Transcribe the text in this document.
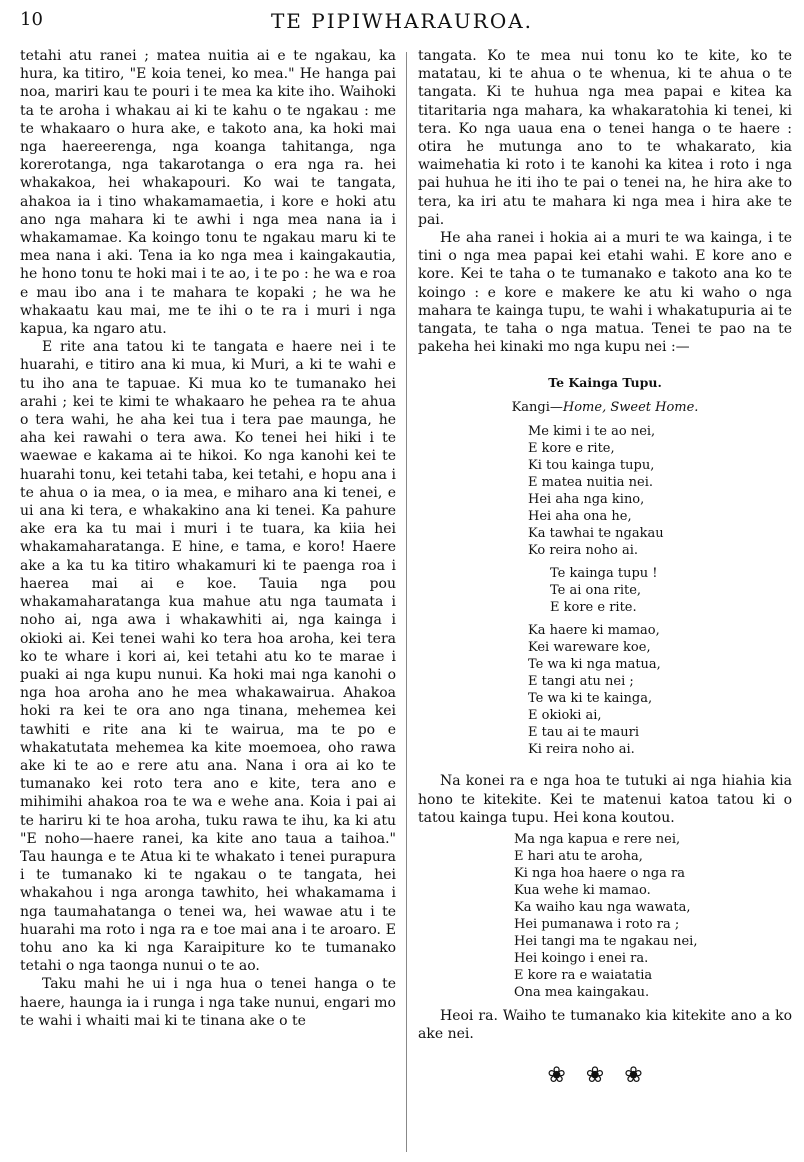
10	TE PIPIWHARAUROA.

tetahi atu ranei ; matea nuitia ai e te ngakau, ka hura, ka titiro, "E koia tenei, ko mea." He hanga pai noa, mariri kau te pouri i te mea ka kite iho. Waihoki ta te aroha i whakau ai ki te kahu o te ngakau : me te whakaaro o hura ake, e takoto ana, ka hoki mai nga haereerenga, nga koanga tahitanga, nga korerotanga, nga takarotanga o era nga ra. hei whakakoa, hei whakapouri. Ko wai te tangata, ahakoa ia i tino whakamamaetia, i kore e hoki atu ano nga mahara ki te awhi i nga mea nana ia i whakamamae. Ka koingo tonu te ngakau maru ki te mea nana i aki. Tena ia ko nga mea i kaingakautia, he hono tonu te hoki mai i te ao, i te po : he wa e roa e mau ibo ana i te mahara te kopaki ; he wa he whakaatu kau mai, me te ihi o te ra i muri i nga kapua, ka ngaro atu.

E rite ana tatou ki te tangata e haere nei i te huarahi, e titiro ana ki mua, ki Muri, a ki te wahi e tu iho ana te tapuae. Ki mua ko te tumanako hei arahi ; kei te kimi te whakaaro he pehea ra te ahua o tera wahi, he aha kei tua i tera pae maunga, he aha kei rawahi o tera awa. Ko tenei hei hiki i te waewae e kakama ai te hikoi. Ko nga kanohi kei te huarahi tonu, kei tetahi taba, kei tetahi, e hopu ana i te ahua o ia mea, o ia mea, e miharo ana ki tenei, e ui ana ki tera, e whakakino ana ki tenei. Ka pahure ake era ka tu mai i muri i te tuara, ka kiia hei whakamaharatanga. E hine, e tama, e koro! Haere ake a ka tu ka titiro whakamuri ki te paenga roa i haerea mai ai e koe. Tauia nga pou whakamaharatanga kua mahue atu nga taumata i noho ai, nga awa i whakawhiti ai, nga kainga i okioki ai. Kei tenei wahi ko tera hoa aroha, kei tera ko te whare i kori ai, kei tetahi atu ko te marae i puaki ai nga kupu nunui. Ka hoki mai nga kanohi o nga hoa aroha ano he mea whakawairua. Ahakoa hoki ra kei te ora ano nga tinana, mehemea kei tawhiti e rite ana ki te wairua, ma te po e whakatutata mehemea ka kite moemoea, oho rawa ake ki te ao e rere atu ana. Nana i ora ai ko te tumanako kei roto tera ano e kite, tera ano e mihimihi ahakoa roa te wa e wehe ana. Koia i pai ai te hariru ki te hoa aroha, tuku rawa te ihu, ka ki atu "E noho—haere ranei, ka kite ano taua a taihoa." Tau haunga e te Atua ki te whakato i tenei purapura i te tumanako ki te ngakau o te tangata, hei whakahou i nga aronga tawhito, hei whakamama i nga taumahatanga o tenei wa, hei wawae atu i te huarahi ma roto i nga ra e toe mai ana i te aroaro. E tohu ano ka ki nga Karaipiture ko te tumanako tetahi o nga taonga nunui o te ao.

Taku mahi he ui i nga hua o tenei hanga o te haere, haunga ia i runga i nga take nunui, engari mo te wahi i whaiti mai ki te tinana ake o te

tangata. Ko te mea nui tonu ko te kite, ko te matatau, ki te ahua o te whenua, ki te ahua o te tangata. Ki te huhua nga mea papai e kitea ka titaritaria nga mahara, ka whakaratohia ki tenei, ki tera. Ko nga uaua ena o tenei hanga o te haere : otira he mutunga ano to te whakarato, kia waimehatia ki roto i te kanohi ka kitea i roto i nga pai huhua he iti iho te pai o tenei na, he hira ake to tera, ka iri atu te mahara ki nga mea i hira ake te pai.

He aha ranei i hokia ai a muri te wa kainga, i te tini o nga mea papai kei etahi wahi. E kore ano e kore. Kei te taha o te tumanako e takoto ana ko te koingo : e kore e makere ke atu ki waho o nga mahara te kainga tupu, te wahi i whakatupuria ai te tangata, te taha o nga matua. Tenei te pao na te pakeha hei kinaki mo nga kupu nei :—

Te Kainga Tupu.
Kangi—Home, Sweet Home.
Me kimi i te ao nei,
E kore e rite,
Ki tou kainga tupu,
E matea nuitia nei.
Hei aha nga kino,
Hei aha ona he,
Ka tawhai te ngakau
Ko reira noho ai.
Te kainga tupu !
Te ai ona rite,
E kore e rite.
Ka haere ki mamao,
Kei wareware koe,
Te wa ki nga matua,
E tangi atu nei ;
Te wa ki te kainga,
E okioki ai,
E tau ai te mauri
Ki reira noho ai.

Na konei ra e nga hoa te tutuki ai nga hiahia kia hono te kitekite. Kei te matenui katoa tatou ki o tatou kainga tupu. Hei kona koutou.

Ma nga kapua e rere nei,
E hari atu te aroha,
Ki nga hoa haere o nga ra
Kua wehe ki mamao.
Ka waiho kau nga wawata,
Hei pumanawa i roto ra ;
Hei tangi ma te ngakau nei,
Hei koingo i enei ra.
E kore ra e waiatatia
Ona mea kaingakau.

Heoi ra. Waiho te tumanako kia kitekite ano a ko ake nei.

❀❀❀
